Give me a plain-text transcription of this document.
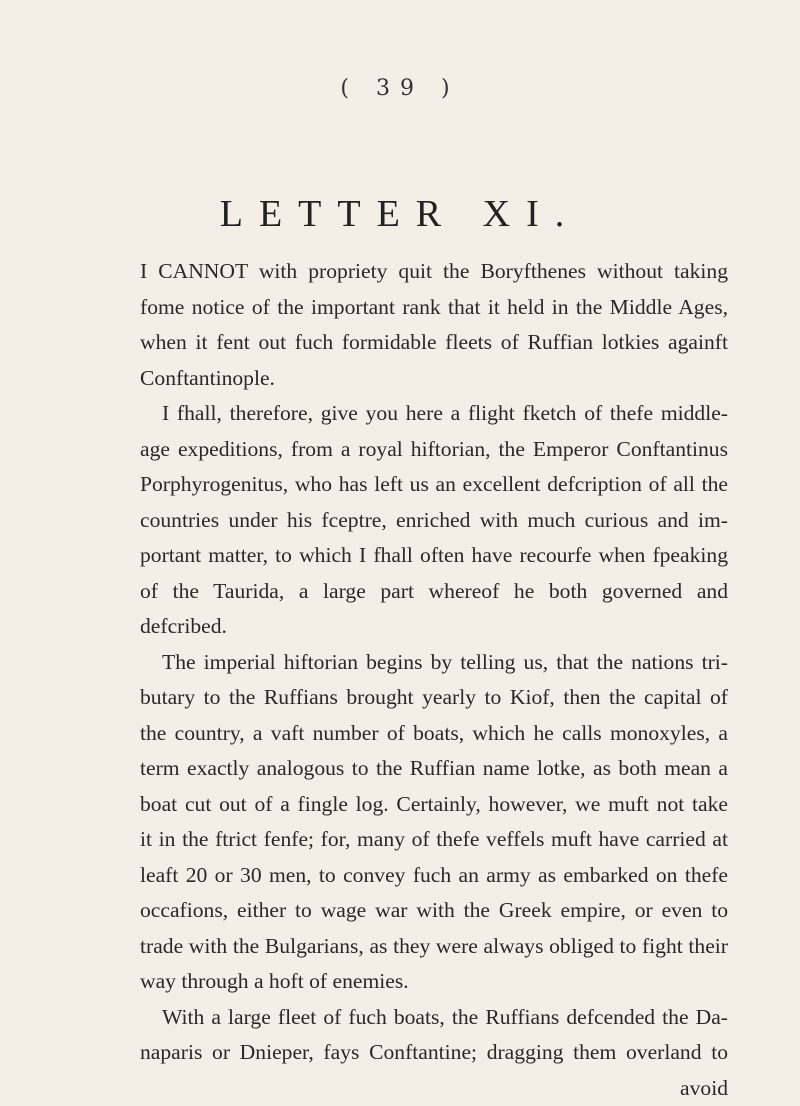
( 39 )
LETTER XI.
I CANNOT with propriety quit the Boryfthenes without taking
fome notice of the important rank that it held in the Middle Ages,
when it fent out fuch formidable fleets of Ruffian lotkies againft
Conftantinople.
I fhall, therefore, give you here a flight fketch of thefe middle-
age expeditions, from a royal hiftorian, the Emperor Conftantinus
Porphyrogenitus, who has left us an excellent defcription of all the
countries under his fceptre, enriched with much curious and im-
portant matter, to which I fhall often have recourfe when fpeaking
of the Taurida, a large part whereof he both governed and
defcribed.
The imperial hiftorian begins by telling us, that the nations tri-
butary to the Ruffians brought yearly to Kiof, then the capital of
the country, a vaft number of boats, which he calls monoxyles, a
term exactly analogous to the Ruffian name lotke, as both mean a
boat cut out of a fingle log. Certainly, however, we muft not take
it in the ftrict fenfe; for, many of thefe veffels muft have carried at
leaft 20 or 30 men, to convey fuch an army as embarked on thefe
occafions, either to wage war with the Greek empire, or even to
trade with the Bulgarians, as they were always obliged to fight their
way through a hoft of enemies.
With a large fleet of fuch boats, the Ruffians defcended the Da-
naparis or Dnieper, fays Conftantine; dragging them overland to
avoid
